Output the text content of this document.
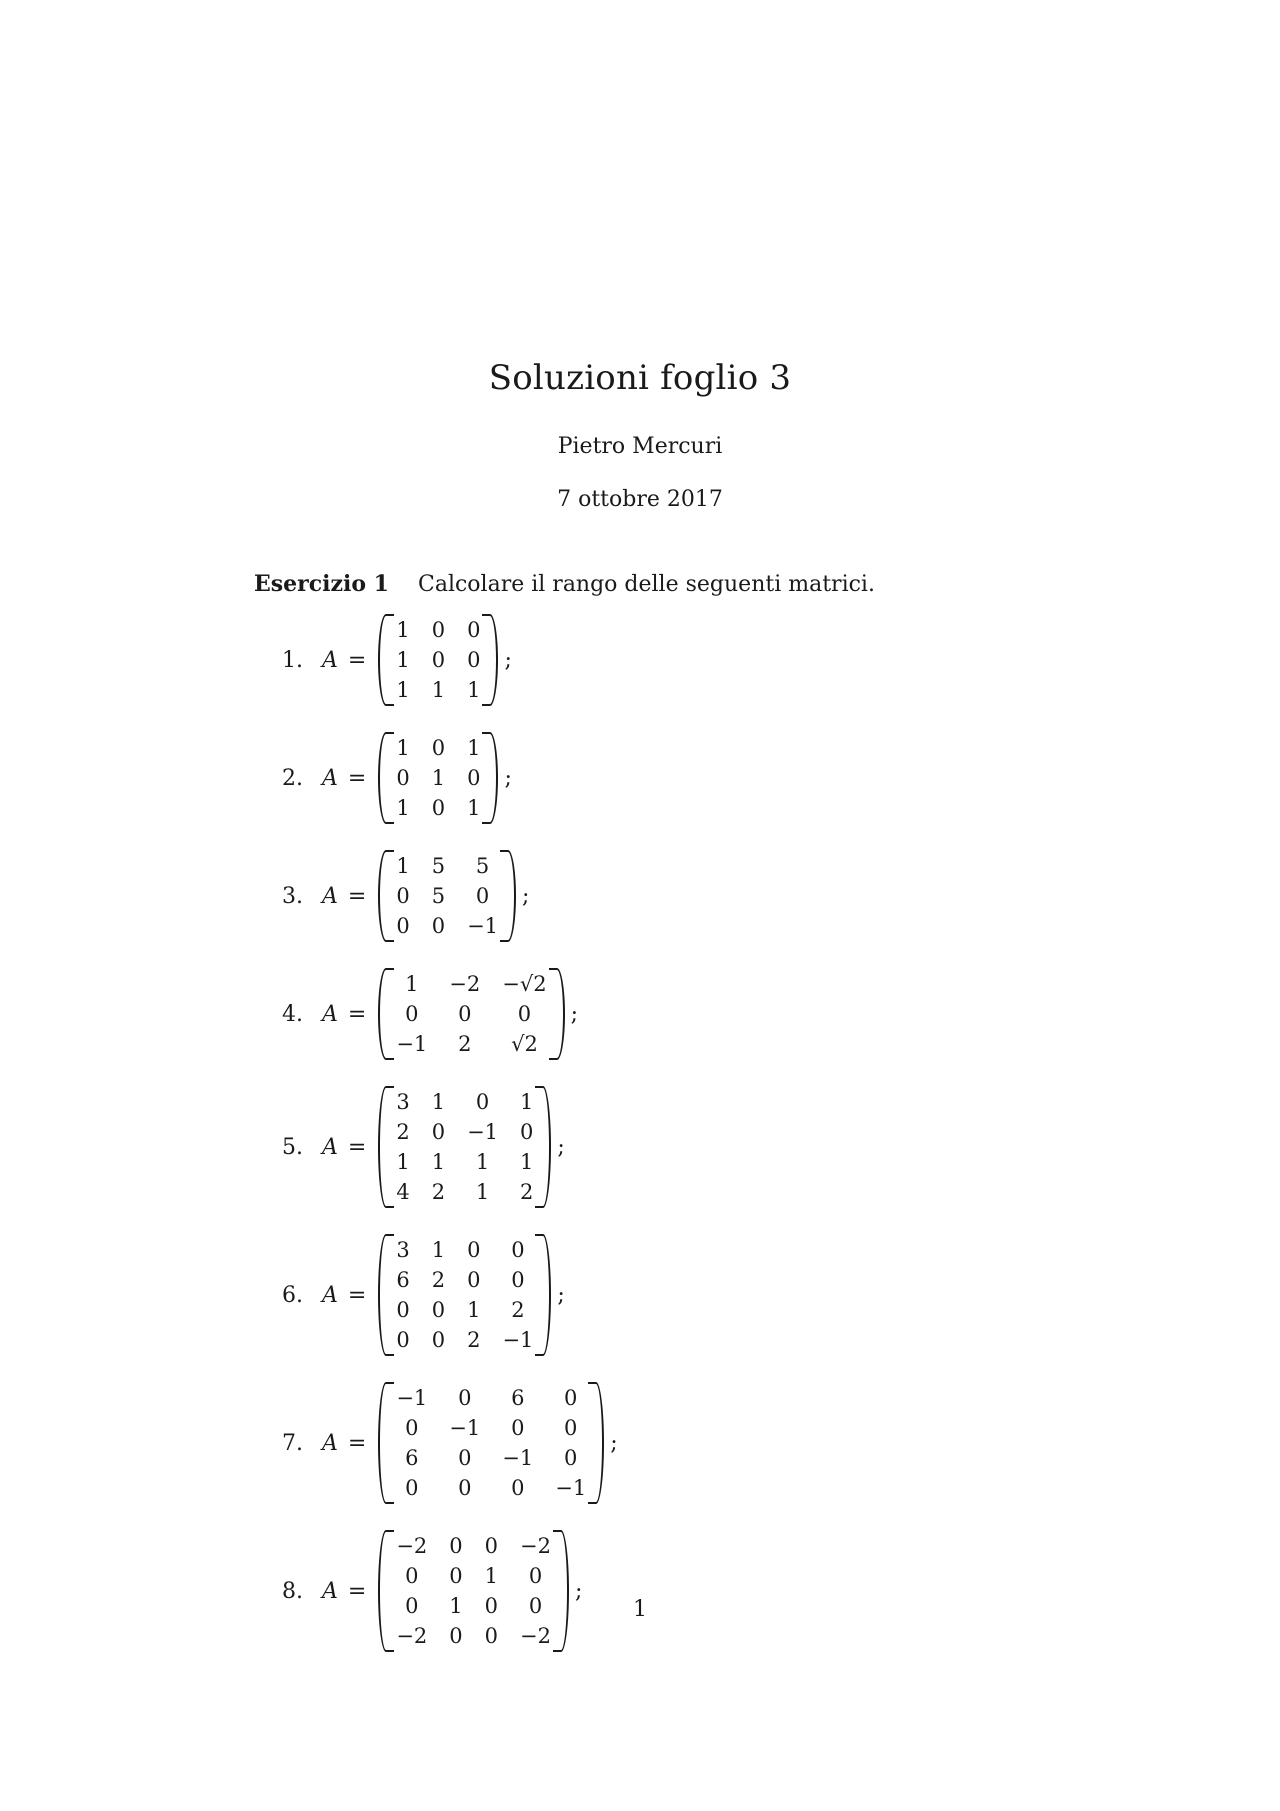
Soluzioni foglio 3
Pietro Mercuri
7 ottobre 2017
Esercizio 1 Calcolare il rango delle seguenti matrici.
1. A =
1 0 0
1 0 0
1 1 1
;
2. A =
1 0 1
0 1 0
1 0 1
;
3. A =
1 5	5
0 5	0
0 0 −1
;
4. A =
1	−2 −√2
0	0	0
−1	2	√2
;
5. A =
3 1	0	1
2 0 −1 0
1 1	1	1
4 2	1	2
;
6. A =
3 1 0	0
6 2 0	0
0 0 1	2
0 0 2 −1
;
7. A =
−1	0	6	0
0	−1	0	0
6	0	−1	0
0	0	0	−1
;
8. A =
−2 0 0 −2
0	0 1	0
0	1 0	0
−2 0 0 −2
;
1
